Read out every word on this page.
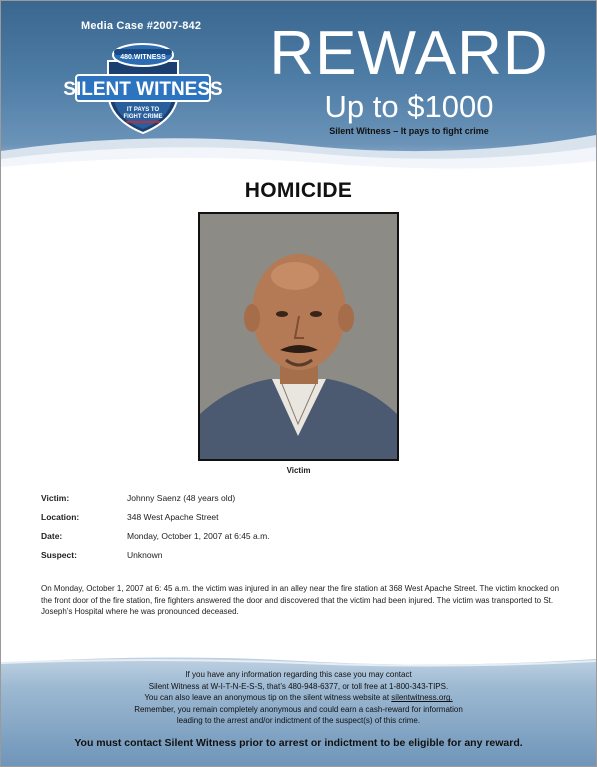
Media Case #2007-842
480.WITNESS
SILENT WITNESS
IT PAYS TO
FIGHT CRIME
REWARD
Up to $1000
Silent Witness – It pays to fight crime
HOMICIDE
Victim
Victim:	Johnny Saenz (48 years old)
Location:	348 West Apache Street
Date:	Monday, October 1, 2007 at 6:45 a.m.
Suspect:	Unknown
On Monday, October 1, 2007 at 6: 45 a.m. the victim was injured in an alley near the fire station at 368 West Apache Street. The victim knocked on the front door of the fire station, fire fighters answered the door and discovered that the victim had been injured. The victim was transported to St. Joseph’s Hospital where he was pronounced deceased.
If you have any information regarding this case you may contact
Silent Witness at W-I-T-N-E-S-S, that’s 480-948-6377, or toll free at 1-800-343-TIPS.
You can also leave an anonymous tip on the silent witness website at silentwitness.org.
Remember, you remain completely anonymous and could earn a cash-reward for information
leading to the arrest and/or indictment of the suspect(s) of this crime.
You must contact Silent Witness prior to arrest or indictment to be eligible for any reward.
